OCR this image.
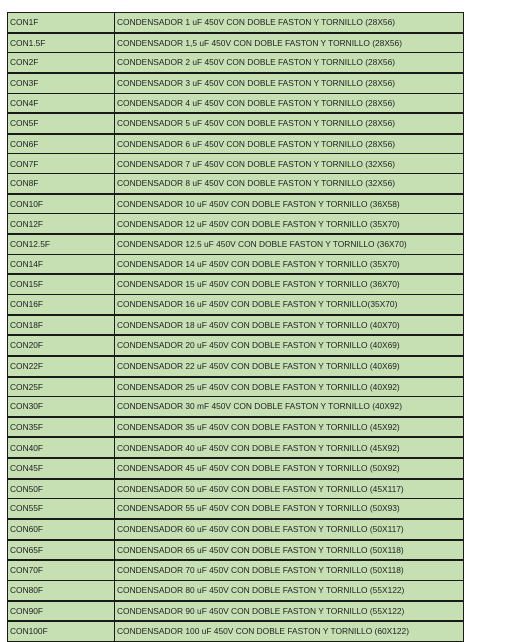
CON1F	CONDENSADOR 1 uF 450V CON DOBLE FASTON Y TORNILLO (28X56)
CON1.5F	CONDENSADOR 1,5 uF 450V CON DOBLE FASTON Y TORNILLO (28X56)
CON2F	CONDENSADOR 2 uF 450V CON DOBLE FASTON Y TORNILLO (28X56)
CON3F	CONDENSADOR 3 uF 450V CON DOBLE FASTON Y TORNILLO (28X56)
CON4F	CONDENSADOR 4 uF 450V CON DOBLE FASTON Y TORNILLO (28X56)
CON5F	CONDENSADOR 5 uF 450V CON DOBLE FASTON Y TORNILLO (28X56)
CON6F	CONDENSADOR 6 uF 450V CON DOBLE FASTON Y TORNILLO (28X56)
CON7F	CONDENSADOR 7 uF 450V CON DOBLE FASTON Y TORNILLO (32X56)
CON8F	CONDENSADOR 8 uF 450V CON DOBLE FASTON Y TORNILLO (32X56)
CON10F	CONDENSADOR 10 uF 450V CON DOBLE FASTON Y TORNILLO (36X58)
CON12F	CONDENSADOR 12 uF 450V CON DOBLE FASTON Y TORNILLO (35X70)
CON12.5F	CONDENSADOR 12.5 uF 450V CON DOBLE FASTON Y TORNILLO (36X70)
CON14F	CONDENSADOR 14 uF 450V CON DOBLE FASTON Y TORNILLO (35X70)
CON15F	CONDENSADOR 15 uF 450V CON DOBLE FASTON Y TORNILLO (36X70)
CON16F	CONDENSADOR 16 uF 450V CON DOBLE FASTON Y TORNILLO(35X70)
CON18F	CONDENSADOR 18 uF 450V CON DOBLE FASTON Y TORNILLO (40X70)
CON20F	CONDENSADOR 20 uF 450V CON DOBLE FASTON Y TORNILLO (40X69)
CON22F	CONDENSADOR 22 uF 450V CON DOBLE FASTON Y TORNILLO (40X69)
CON25F	CONDENSADOR 25 uF 450V CON DOBLE FASTON Y TORNILLO (40X92)
CON30F	CONDENSADOR 30 mF 450V CON DOBLE FASTON Y TORNILLO (40X92)
CON35F	CONDENSADOR 35 uF 450V CON DOBLE FASTON Y TORNILLO (45X92)
CON40F	CONDENSADOR 40 uF 450V CON DOBLE FASTON Y TORNILLO (45X92)
CON45F	CONDENSADOR 45 uF 450V CON DOBLE FASTON Y TORNILLO (50X92)
CON50F	CONDENSADOR 50 uF 450V CON DOBLE FASTON Y TORNILLO (45X117)
CON55F	CONDENSADOR 55 uF 450V CON DOBLE FASTON Y TORNILLO (50X93)
CON60F	CONDENSADOR 60 uF 450V CON DOBLE FASTON Y TORNILLO (50X117)
CON65F	CONDENSADOR 65 uF 450V CON DOBLE FASTON Y TORNILLO (50X118)
CON70F	CONDENSADOR 70 uF 450V CON DOBLE FASTON Y TORNILLO (50X118)
CON80F	CONDENSADOR 80 uF 450V CON DOBLE FASTON Y TORNILLO (55X122)
CON90F	CONDENSADOR 90 uF 450V CON DOBLE FASTON Y TORNILLO (55X122)
CON100F	CONDENSADOR 100 uF 450V CON DOBLE FASTON Y TORNILLO (60X122)
